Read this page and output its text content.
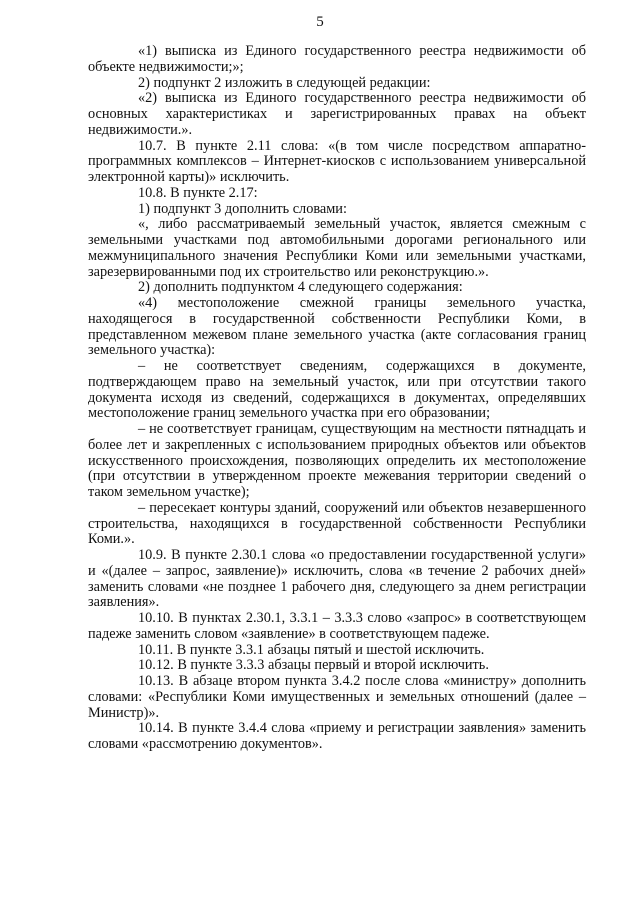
5

«1) выписка из Единого государственного реестра недвижимости об объекте недвижимости;»;

2) подпункт 2 изложить в следующей редакции:

«2) выписка из Единого государственного реестра недвижимости об основных характеристиках и зарегистрированных правах на объект недвижимости.».

10.7. В пункте 2.11 слова: «(в том числе посредством аппаратно-программных комплексов – Интернет-киосков с использованием универсальной электронной карты)» исключить.

10.8. В пункте 2.17:

1) подпункт 3 дополнить словами:

«, либо рассматриваемый земельный участок, является смежным с земельными участками под автомобильными дорогами регионального или межмуниципального значения Республики Коми или земельными участками, зарезервированными под их строительство или реконструкцию.».

2) дополнить подпунктом 4 следующего содержания:

«4) местоположение смежной границы земельного участка, находящегося в государственной собственности Республики Коми, в представленном межевом плане земельного участка (акте согласования границ земельного участка):

– не соответствует сведениям, содержащихся в документе, подтверждающем право на земельный участок, или при отсутствии такого документа исходя из сведений, содержащихся в документах, определявших местоположение границ земельного участка при его образовании;

– не соответствует границам, существующим на местности пятнадцать и более лет и закрепленных с использованием природных объектов или объектов искусственного происхождения, позволяющих определить их местоположение (при отсутствии в утвержденном проекте межевания территории сведений о таком земельном участке);

– пересекает контуры зданий, сооружений или объектов незавершенного строительства, находящихся в государственной собственности Республики Коми.».

10.9. В пункте 2.30.1 слова «о предоставлении государственной услуги» и «(далее – запрос, заявление)» исключить, слова «в течение 2 рабочих дней» заменить словами «не позднее 1 рабочего дня, следующего за днем регистрации заявления».

10.10. В пунктах 2.30.1, 3.3.1 – 3.3.3 слово «запрос» в соответствующем падеже заменить словом «заявление» в соответствующем падеже.

10.11. В пункте 3.3.1 абзацы пятый и шестой исключить.

10.12. В пункте 3.3.3 абзацы первый и второй исключить.

10.13. В абзаце втором пункта 3.4.2 после слова «министру» дополнить словами: «Республики Коми имущественных и земельных отношений (далее – Министр)».

10.14. В пункте 3.4.4 слова «приему и регистрации заявления» заменить словами «рассмотрению документов».
